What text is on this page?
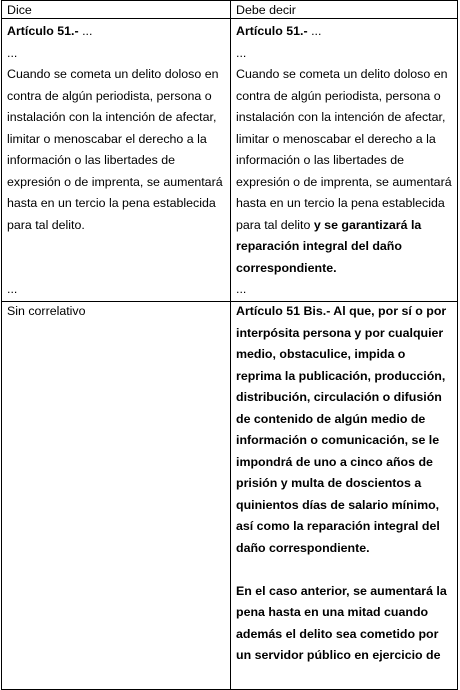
Dice	Debe decir
Artículo 51.- ...
...
Cuando se cometa un delito doloso en
contra de algún periodista, persona o
instalación con la intención de afectar,
limitar o menoscabar el derecho a la
información o las libertades de
expresión o de imprenta, se aumentará
hasta en un tercio la pena establecida
para tal delito.
...
Artículo 51.- ...
...
Cuando se cometa un delito doloso en
contra de algún periodista, persona o
instalación con la intención de afectar,
limitar o menoscabar el derecho a la
información o las libertades de
expresión o de imprenta, se aumentará
hasta en un tercio la pena establecida
para tal delito y se garantizará la
reparación integral del daño
correspondiente.
...
Sin correlativo	Artículo 51 Bis.- Al que, por sí o por
interpósita persona y por cualquier
medio, obstaculice, impida o
reprima la publicación, producción,
distribución, circulación o difusión
de contenido de algún medio de
información o comunicación, se le
impondrá de uno a cinco años de
prisión y multa de doscientos a
quinientos días de salario mínimo,
así como la reparación integral del
daño correspondiente.
En el caso anterior, se aumentará la
pena hasta en una mitad cuando
además el delito sea cometido por
un servidor público en ejercicio de
